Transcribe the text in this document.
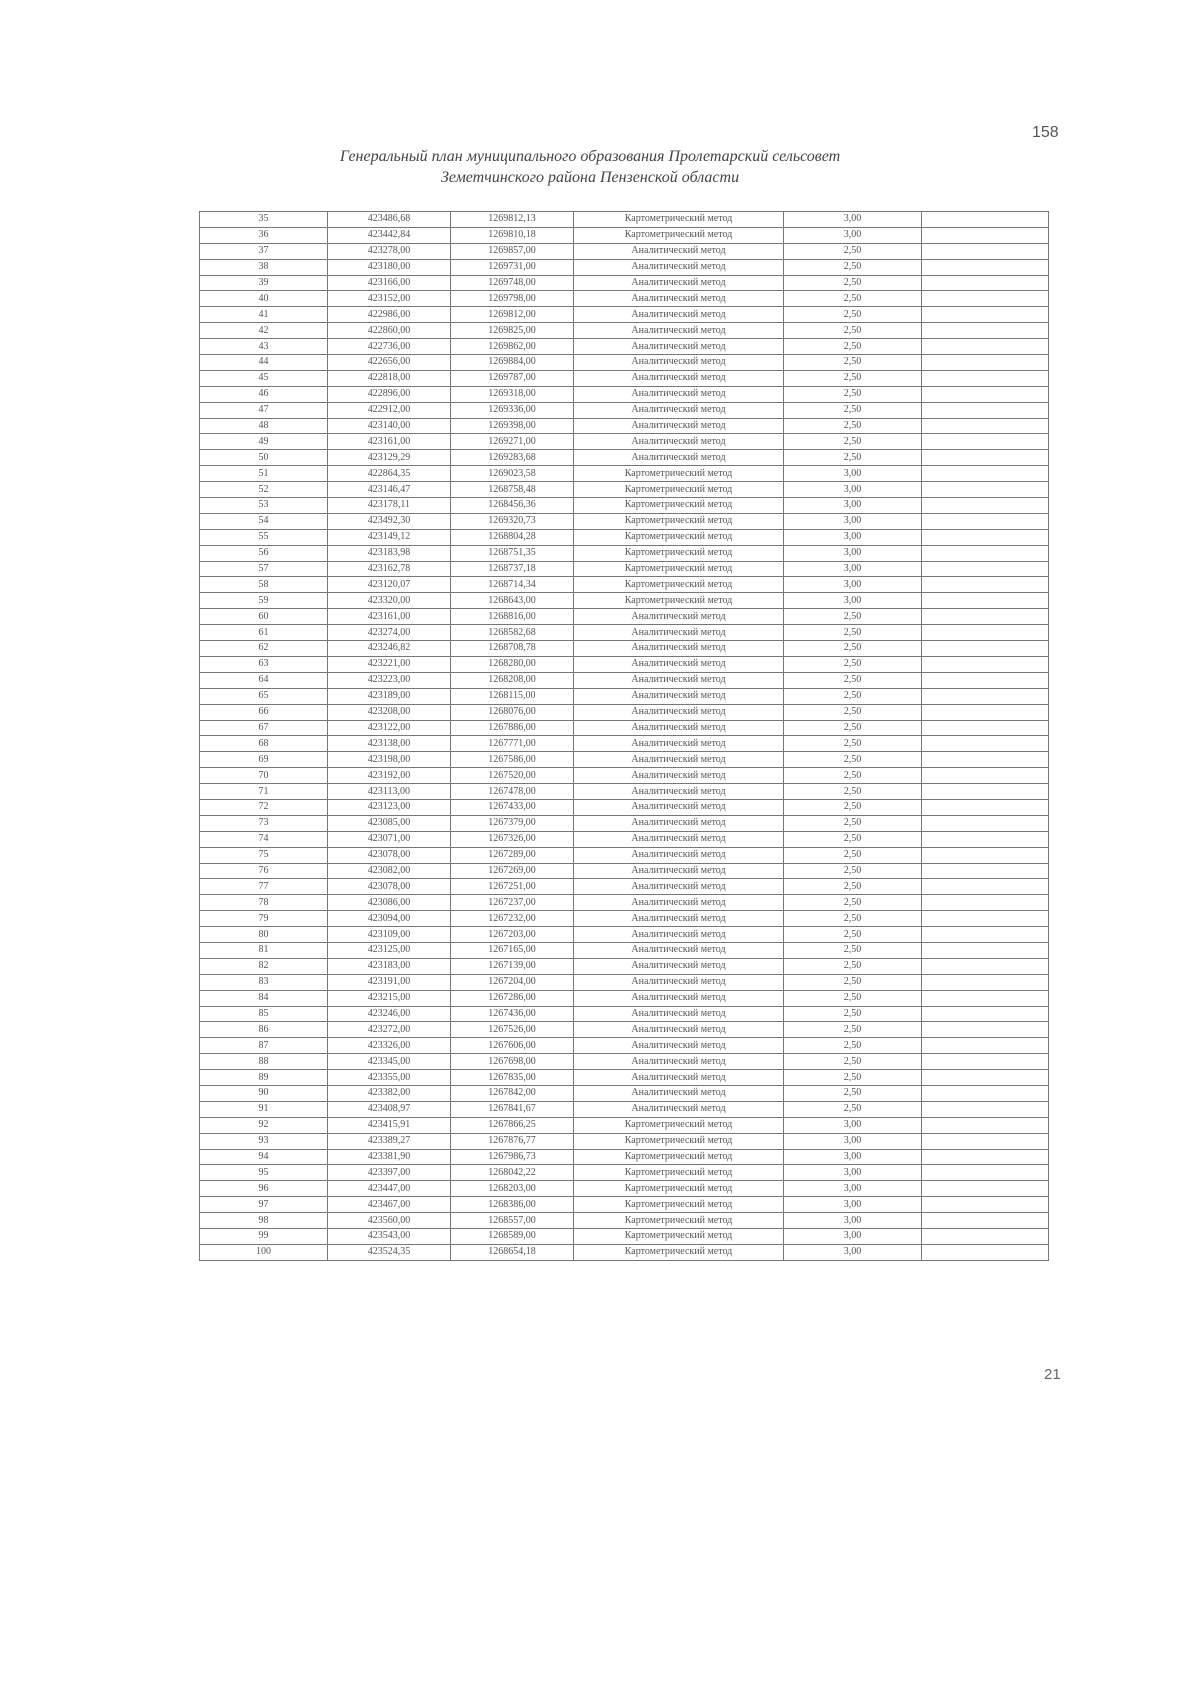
158
Генеральный план муниципального образования Пролетарский сельсовет
Земетчинского района Пензенской области
35	423486,68	1269812,13	Картометрический метод	3,00	
36	423442,84	1269810,18	Картометрический метод	3,00	
37	423278,00	1269857,00	Аналитический метод	2,50	
38	423180,00	1269731,00	Аналитический метод	2,50	
39	423166,00	1269748,00	Аналитический метод	2,50	
40	423152,00	1269798,00	Аналитический метод	2,50	
41	422986,00	1269812,00	Аналитический метод	2,50	
42	422860,00	1269825,00	Аналитический метод	2,50	
43	422736,00	1269862,00	Аналитический метод	2,50	
44	422656,00	1269884,00	Аналитический метод	2,50	
45	422818,00	1269787,00	Аналитический метод	2,50	
46	422896,00	1269318,00	Аналитический метод	2,50	
47	422912,00	1269336,00	Аналитический метод	2,50	
48	423140,00	1269398,00	Аналитический метод	2,50	
49	423161,00	1269271,00	Аналитический метод	2,50	
50	423129,29	1269283,68	Аналитический метод	2,50	
51	422864,35	1269023,58	Картометрический метод	3,00	
52	423146,47	1268758,48	Картометрический метод	3,00	
53	423178,11	1268456,36	Картометрический метод	3,00	
54	423492,30	1269320,73	Картометрический метод	3,00	
55	423149,12	1268804,28	Картометрический метод	3,00	
56	423183,98	1268751,35	Картометрический метод	3,00	
57	423162,78	1268737,18	Картометрический метод	3,00	
58	423120,07	1268714,34	Картометрический метод	3,00	
59	423320,00	1268643,00	Картометрический метод	3,00	
60	423161,00	1268816,00	Аналитический метод	2,50	
61	423274,00	1268582,68	Аналитический метод	2,50	
62	423246,82	1268708,78	Аналитический метод	2,50	
63	423221,00	1268280,00	Аналитический метод	2,50	
64	423223,00	1268208,00	Аналитический метод	2,50	
65	423189,00	1268115,00	Аналитический метод	2,50	
66	423208,00	1268076,00	Аналитический метод	2,50	
67	423122,00	1267886,00	Аналитический метод	2,50	
68	423138,00	1267771,00	Аналитический метод	2,50	
69	423198,00	1267586,00	Аналитический метод	2,50	
70	423192,00	1267520,00	Аналитический метод	2,50	
71	423113,00	1267478,00	Аналитический метод	2,50	
72	423123,00	1267433,00	Аналитический метод	2,50	
73	423085,00	1267379,00	Аналитический метод	2,50	
74	423071,00	1267326,00	Аналитический метод	2,50	
75	423078,00	1267289,00	Аналитический метод	2,50	
76	423082,00	1267269,00	Аналитический метод	2,50	
77	423078,00	1267251,00	Аналитический метод	2,50	
78	423086,00	1267237,00	Аналитический метод	2,50	
79	423094,00	1267232,00	Аналитический метод	2,50	
80	423109,00	1267203,00	Аналитический метод	2,50	
81	423125,00	1267165,00	Аналитический метод	2,50	
82	423183,00	1267139,00	Аналитический метод	2,50	
83	423191,00	1267204,00	Аналитический метод	2,50	
84	423215,00	1267286,00	Аналитический метод	2,50	
85	423246,00	1267436,00	Аналитический метод	2,50	
86	423272,00	1267526,00	Аналитический метод	2,50	
87	423326,00	1267606,00	Аналитический метод	2,50	
88	423345,00	1267698,00	Аналитический метод	2,50	
89	423355,00	1267835,00	Аналитический метод	2,50	
90	423382,00	1267842,00	Аналитический метод	2,50	
91	423408,97	1267841,67	Аналитический метод	2,50	
92	423415,91	1267866,25	Картометрический метод	3,00	
93	423389,27	1267876,77	Картометрический метод	3,00	
94	423381,90	1267986,73	Картометрический метод	3,00	
95	423397,00	1268042,22	Картометрический метод	3,00	
96	423447,00	1268203,00	Картометрический метод	3,00	
97	423467,00	1268386,00	Картометрический метод	3,00	
98	423560,00	1268557,00	Картометрический метод	3,00	
99	423543,00	1268589,00	Картометрический метод	3,00	
100	423524,35	1268654,18	Картометрический метод	3,00	
21
